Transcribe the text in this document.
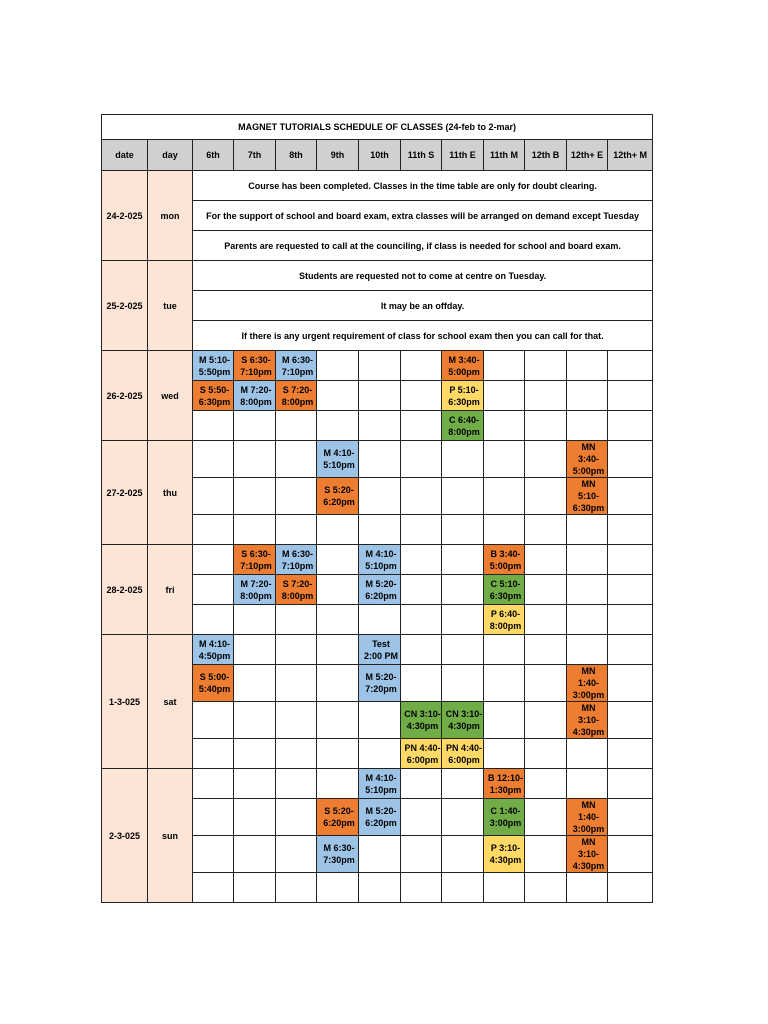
MAGNET TUTORIALS SCHEDULE OF CLASSES (24-feb to 2-mar)												
date	day	6th	7th	8th	9th	10th	11th S	11th E	11th M	12th B	12th+ E	12th+ M
24-2-025	mon	Course has been completed. Classes in the time table are only for doubt clearing.										
		For the support of school and board exam, extra classes will be arranged on demand except Tuesday										
		Parents are requested to call at the counciling, if class is needed for school and board exam.										
25-2-025	tue	Students are requested not to come at centre on Tuesday.										
		It may be an offday.										
		If there is any urgent requirement of class for school exam then you can call for that.										
26-2-025	wed	M 5:10-5:50pm	S 6:30-7:10pm	M 6:30-7:10pm				M 3:40-5:00pm				
		S 5:50-6:30pm	M 7:20-8:00pm	S 7:20-8:00pm				P 5:10-6:30pm				
								C 6:40-8:00pm				
27-2-025	thu				M 4:10-5:10pm						MN 3:40-5:00pm	
					S 5:20-6:20pm						MN 5:10-6:30pm	

28-2-025	fri		S 6:30-7:10pm	M 6:30-7:10pm		M 4:10-5:10pm			B 3:40-5:00pm			
			M 7:20-8:00pm	S 7:20-8:00pm		M 5:20-6:20pm			C 5:10-6:30pm			
									P 6:40-8:00pm			
1-3-025	sat	M 4:10-4:50pm				Test 2:00 PM						
		S 5:00-5:40pm				M 5:20-7:20pm					MN 1:40-3:00pm	
							CN 3:10-4:30pm	CN 3:10-4:30pm			MN 3:10-4:30pm	
							PN 4:40-6:00pm	PN 4:40-6:00pm				
2-3-025	sun					M 4:10-5:10pm			B 12:10-1:30pm			
					S 5:20-6:20pm	M 5:20-6:20pm			C 1:40-3:00pm		MN 1:40-3:00pm	
					M 6:30-7:30pm				P 3:10-4:30pm		MN 3:10-4:30pm	
